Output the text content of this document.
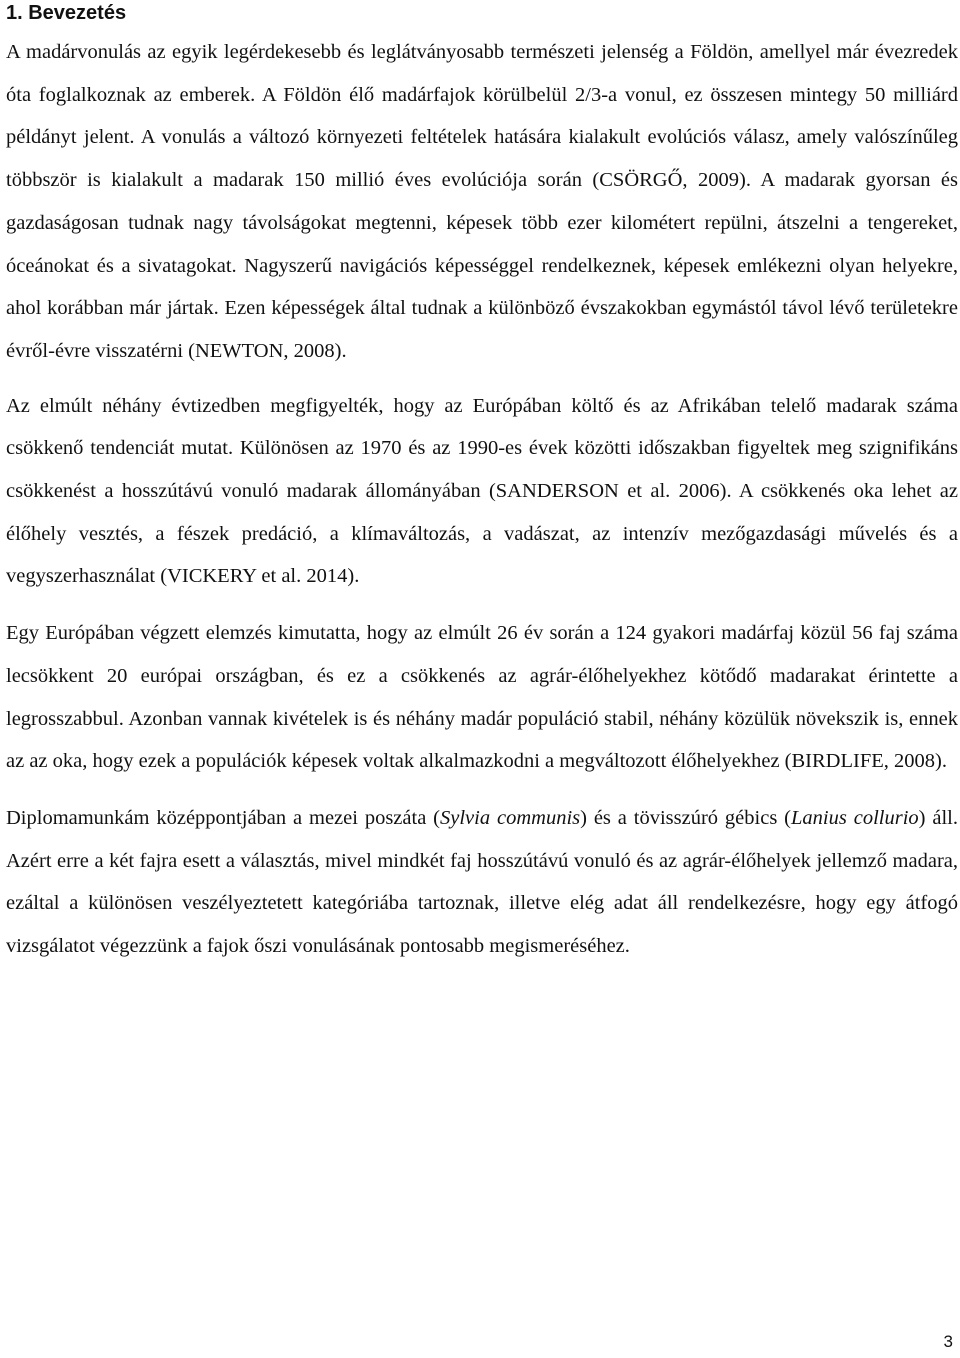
1. Bevezetés

A madárvonulás az egyik legérdekesebb és leglátványosabb természeti jelenség a Földön, amellyel már évezredek óta foglalkoznak az emberek. A Földön élő madárfajok körülbelül 2/3-a vonul, ez összesen mintegy 50 milliárd példányt jelent. A vonulás a változó környezeti feltételek hatására kialakult evolúciós válasz, amely valószínűleg többször is kialakult a madarak 150 millió éves evolúciója során (CSÖRGŐ, 2009). A madarak gyorsan és gazdaságosan tudnak nagy távolságokat megtenni, képesek több ezer kilométert repülni, átszelni a tengereket, óceánokat és a sivatagokat. Nagyszerű navigációs képességgel rendelkeznek, képesek emlékezni olyan helyekre, ahol korábban már jártak. Ezen képességek által tudnak a különböző évszakokban egymástól távol lévő területekre évről-évre visszatérni (NEWTON, 2008).

Az elmúlt néhány évtizedben megfigyelték, hogy az Európában költő és az Afrikában telelő madarak száma csökkenő tendenciát mutat. Különösen az 1970 és az 1990-es évek közötti időszakban figyeltek meg szignifikáns csökkenést a hosszútávú vonuló madarak állományában (SANDERSON et al. 2006). A csökkenés oka lehet az élőhely vesztés, a fészek predáció, a klímaváltozás, a vadászat, az intenzív mezőgazdasági művelés és a vegyszerhasználat (VICKERY et al. 2014).

Egy Európában végzett elemzés kimutatta, hogy az elmúlt 26 év során a 124 gyakori madárfaj közül 56 faj száma lecsökkent 20 európai országban, és ez a csökkenés az agrár-élőhelyekhez kötődő madarakat érintette a legrosszabbul. Azonban vannak kivételek is és néhány madár populáció stabil, néhány közülük növekszik is, ennek az az oka, hogy ezek a populációk képesek voltak alkalmazkodni a megváltozott élőhelyekhez (BIRDLIFE, 2008).

Diplomamunkám középpontjában a mezei poszáta (Sylvia communis) és a tövisszúró gébics (Lanius collurio) áll. Azért erre a két fajra esett a választás, mivel mindkét faj hosszútávú vonuló és az agrár-élőhelyek jellemző madara, ezáltal a különösen veszélyeztetett kategóriába tartoznak, illetve elég adat áll rendelkezésre, hogy egy átfogó vizsgálatot végezzünk a fajok őszi vonulásának pontosabb megismeréséhez.

3
